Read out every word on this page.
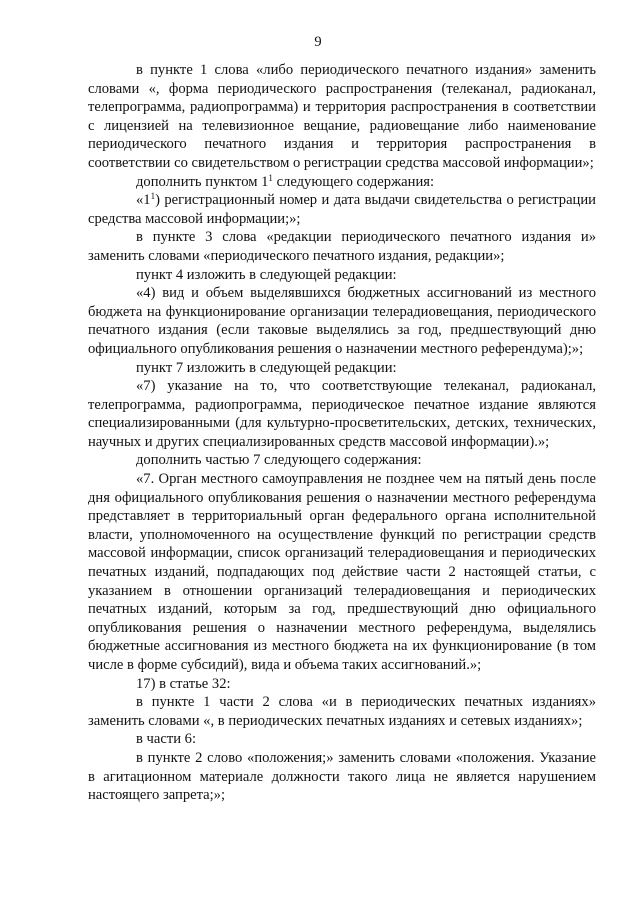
9

в пункте 1 слова «либо периодического печатного издания» заменить словами «, форма периодического распространения (телеканал, радиоканал, телепрограмма, радиопрограмма) и территория распространения в соответствии с лицензией на телевизионное вещание, радиовещание либо наименование периодического печатного издания и территория распространения в соответствии со свидетельством о регистрации средства массовой информации»;

дополнить пунктом $1^1$ следующего содержания:

«$1^1$) регистрационный номер и дата выдачи свидетельства о регистрации средства массовой информации;»;

в пункте 3 слова «редакции периодического печатного издания и» заменить словами «периодического печатного издания, редакции»;

пункт 4 изложить в следующей редакции:

«4) вид и объем выделявшихся бюджетных ассигнований из местного бюджета на функционирование организации телерадиовещания, периодического печатного издания (если таковые выделялись за год, предшествующий дню официального опубликования решения о назначении местного референдума);»;

пункт 7 изложить в следующей редакции:

«7) указание на то, что соответствующие телеканал, радиоканал, телепрограмма, радиопрограмма, периодическое печатное издание являются специализированными (для культурно-просветительских, детских, технических, научных и других специализированных средств массовой информации).»;

дополнить частью 7 следующего содержания:

«7. Орган местного самоуправления не позднее чем на пятый день после дня официального опубликования решения о назначении местного референдума представляет в территориальный орган федерального органа исполнительной власти, уполномоченного на осуществление функций по регистрации средств массовой информации, список организаций телерадиовещания и периодических печатных изданий, подпадающих под действие части 2 настоящей статьи, с указанием в отношении организаций телерадиовещания и периодических печатных изданий, которым за год, предшествующий дню официального опубликования решения о назначении местного референдума, выделялись бюджетные ассигнования из местного бюджета на их функционирование (в том числе в форме субсидий), вида и объема таких ассигнований.»;

17) в статье 32:

в пункте 1 части 2 слова «и в периодических печатных изданиях» заменить словами «, в периодических печатных изданиях и сетевых изданиях»;

в части 6:

в пункте 2 слово «положения;» заменить словами «положения. Указание в агитационном материале должности такого лица не является нарушением настоящего запрета;»;
